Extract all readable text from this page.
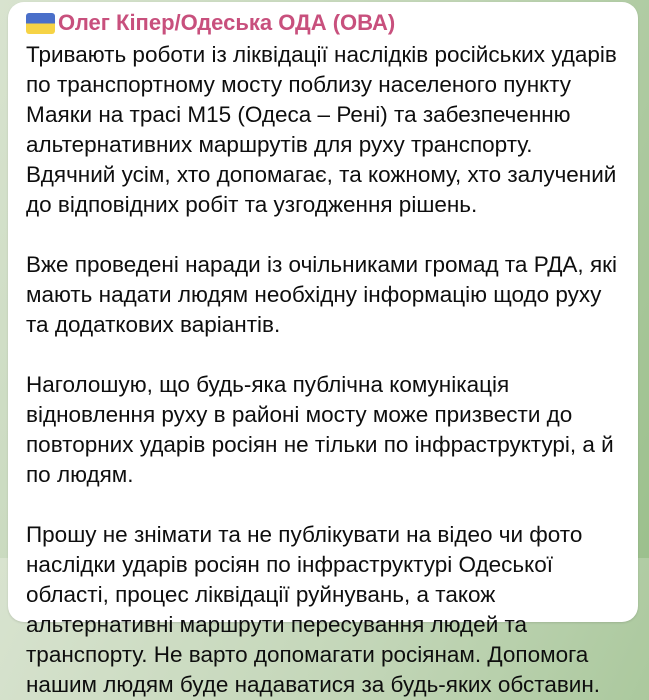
Олег Кіпер/Одеська ОДА (ОВА)

Тривають роботи із ліквідації наслідків російських ударів по транспортному мосту поблизу населеного пункту Маяки на трасі М15 (Одеса – Рені) та забезпеченню альтернативних маршрутів для руху транспорту. Вдячний усім, хто допомагає, та кожному, хто залучений до відповідних робіт та узгодження рішень.

Вже проведені наради із очільниками громад та РДА, які мають надати людям необхідну інформацію щодо руху та додаткових варіантів.

Наголошую, що будь-яка публічна комунікація відновлення руху в районі мосту може призвести до повторних ударів росіян не тільки по інфраструктурі, а й по людям.

Прошу не знімати та не публікувати на відео чи фото наслідки ударів росіян по інфраструктурі Одеської області, процес ліквідації руйнувань, а також альтернативні маршрути пересування людей та транспорту. Не варто допомагати росіянам. Допомога нашим людям буде надаватися за будь-яких обставин.
